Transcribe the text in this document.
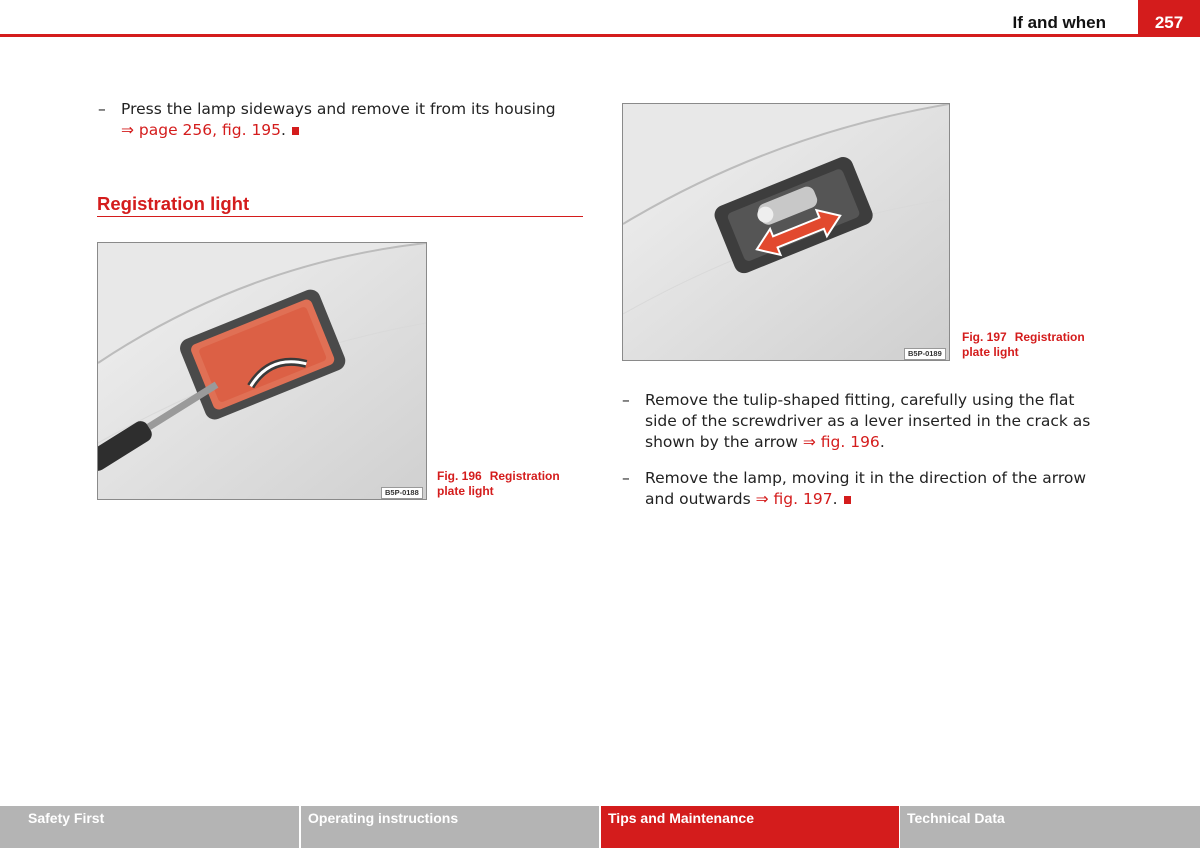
If and when	257
– Press the lamp sideways and remove it from its housing
⇒ page 256, fig. 195.
Registration light
B5P-0188
Fig. 196 Registration
plate light
B5P-0189
Fig. 197 Registration
plate light
– Remove the tulip-shaped fitting, carefully using the flat side of the screwdriver as a lever inserted in the crack as shown by the arrow ⇒ fig. 196.
– Remove the lamp, moving it in the direction of the arrow and outwards ⇒ fig. 197.
Safety First	Operating instructions	Tips and Maintenance	Technical Data
